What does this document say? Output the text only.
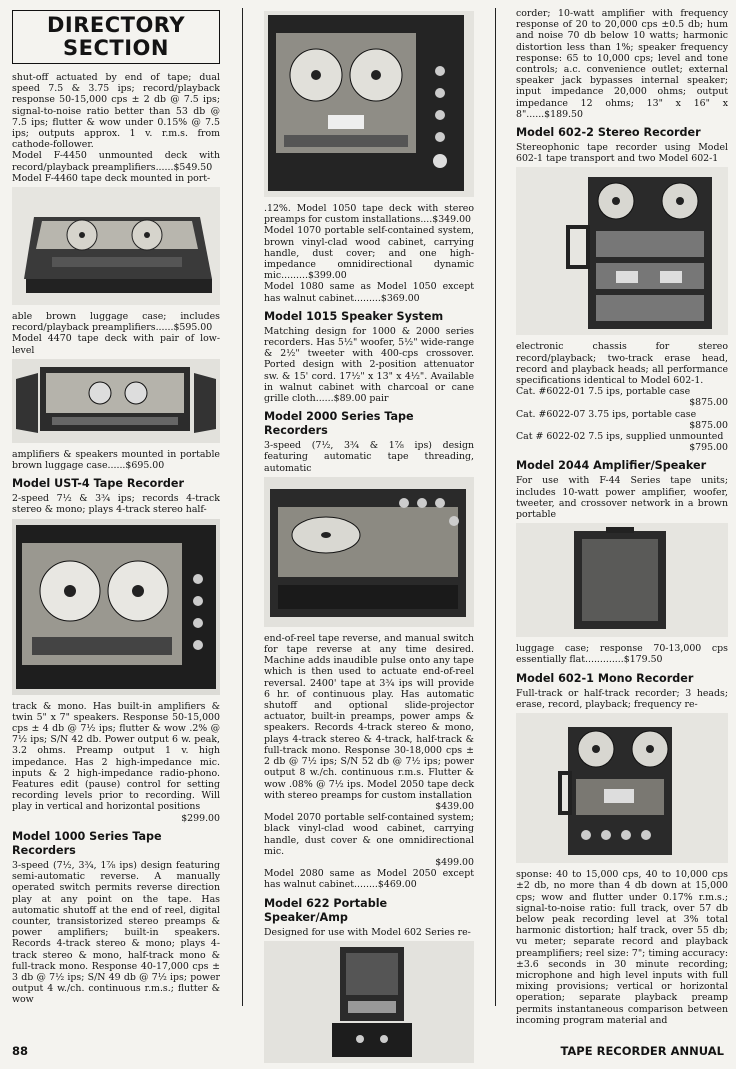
DIRECTORY
SECTION

shut-off actuated by end of tape; dual speed 7.5 & 3.75 ips; record/playback response 50-15,000 cps ± 2 db @ 7.5 ips; signal-to-noise ratio better than 53 db @ 7.5 ips; flutter & wow under 0.15% @ 7.5 ips; outputs approx. 1 v. r.m.s. from cathode-follower.

Model F-4450 unmounted deck with record/playback preamplifiers......$549.50

Model F-4460 tape deck mounted in port-

able brown luggage case; includes record/playback preamplifiers......$595.00

Model 4470 tape deck with pair of low-level

amplifiers & speakers mounted in portable brown luggage case......$695.00

Model UST-4 Tape Recorder

2-speed 7½ & 3¾ ips; records 4-track stereo & mono; plays 4-track stereo half-

track & mono. Has built-in amplifiers & twin 5" x 7" speakers. Response 50-15,000 cps ± 4 db @ 7½ ips; flutter & wow .2% @ 7½ ips; S/N 42 db. Power output 6 w. peak, 3.2 ohms. Preamp output 1 v. high impedance. Has 2 high-impedance mic. inputs & 2 high-impedance radio-phono. Features edit (pause) control for setting recording levels prior to recording. Will play in vertical and horizontal positions

$299.00
Model 1000 Series Tape Recorders

3-speed (7½, 3¾, 1⅞ ips) design featuring semi-automatic reverse. A manually operated switch permits reverse direction play at any point on the tape. Has automatic shutoff at the end of reel, digital counter, transistorized stereo preamps & power amplifiers; built-in speakers. Records 4-track stereo & mono; plays 4-track stereo & mono, half-track mono & full-track mono. Response 40-17,000 cps ± 3 db @ 7½ ips; S/N 49 db @ 7½ ips; power output 4 w./ch. continuous r.m.s.; flutter & wow

.12%. Model 1050 tape deck with stereo preamps for custom installations....$349.00

Model 1070 portable self-contained system, brown vinyl-clad wood cabinet, carrying handle, dust cover; and one high-impedance omnidirectional dynamic mic.........$399.00

Model 1080 same as Model 1050 except has walnut cabinet.........$369.00

Model 1015 Speaker System

Matching design for 1000 & 2000 series recorders. Has 5½" woofer, 5½" wide-range & 2½" tweeter with 400-cps crossover. Ported design with 2-position attenuator sw. & 15' cord. 17½" x 13" x 4½". Available in walnut cabinet with charcoal or cane grille cloth......$89.00 pair

Model 2000 Series Tape Recorders

3-speed (7½, 3¾ & 1⅞ ips) design featuring automatic tape threading, automatic

end-of-reel tape reverse, and manual switch for tape reverse at any time desired. Machine adds inaudible pulse onto any tape which is then used to actuate end-of-reel reversal. 2400' tape at 3¾ ips will provide 6 hr. of continuous play. Has automatic shutoff and optional slide-projector actuator, built-in preamps, power amps & speakers. Records 4-track stereo & mono, plays 4-track stereo & 4-track, half-track & full-track mono. Response 30-18,000 cps ± 2 db @ 7½ ips; S/N 52 db @ 7½ ips; power output 8 w./ch. continuous r.m.s. Flutter & wow .08% @ 7½ ips. Model 2050 tape deck with stereo preamps for custom installation

$439.00

Model 2070 portable self-contained system; black vinyl-clad wood cabinet, carrying handle, dust cover & one omnidirectional mic.

$499.00

Model 2080 same as Model 2050 except has walnut cabinet........$469.00

Model 622 Portable Speaker/Amp

Designed for use with Model 602 Series re-

corder; 10-watt amplifier with frequency response of 20 to 20,000 cps ±0.5 db; hum and noise 70 db below 10 watts; harmonic distortion less than 1%; speaker frequency response: 65 to 10,000 cps; level and tone controls; a.c. convenience outlet; external speaker jack bypasses internal speaker; input impedance 20,000 ohms; output impedance 12 ohms; 13" x 16" x 8"......$189.50

Model 602-2 Stereo Recorder

Stereophonic tape recorder using Model 602-1 tape transport and two Model 602-1

electronic chassis for stereo record/playback; two-track erase head, record and playback heads; all performance specifications identical to Model 602-1.

Cat. #6022-01 7.5 ips, portable case

$875.00

Cat. #6022-07 3.75 ips, portable case

$875.00

Cat # 6022-02 7.5 ips, supplied unmounted

$795.00
Model 2044 Amplifier/Speaker

For use with F-44 Series tape units; includes 10-watt power amplifier, woofer, tweeter, and crossover network in a brown portable

luggage case; response 70-13,000 cps essentially flat.............$179.50

Model 602-1 Mono Recorder

Full-track or half-track recorder; 3 heads; erase, record, playback; frequency re-

sponse: 40 to 15,000 cps, 40 to 10,000 cps ±2 db, no more than 4 db down at 15,000 cps; wow and flutter under 0.17% r.m.s.; signal-to-noise ratio: full track, over 57 db below peak recording level at 3% total harmonic distortion; half track, over 55 db; vu meter; separate record and playback preamplifiers; reel size: 7"; timing accuracy: ±3.6 seconds in 30 minute recording; microphone and high level inputs with full mixing provisions; vertical or horizontal operation; separate playback preamp permits instantaneous comparison between incoming program material and

88	TAPE RECORDER ANNUAL
